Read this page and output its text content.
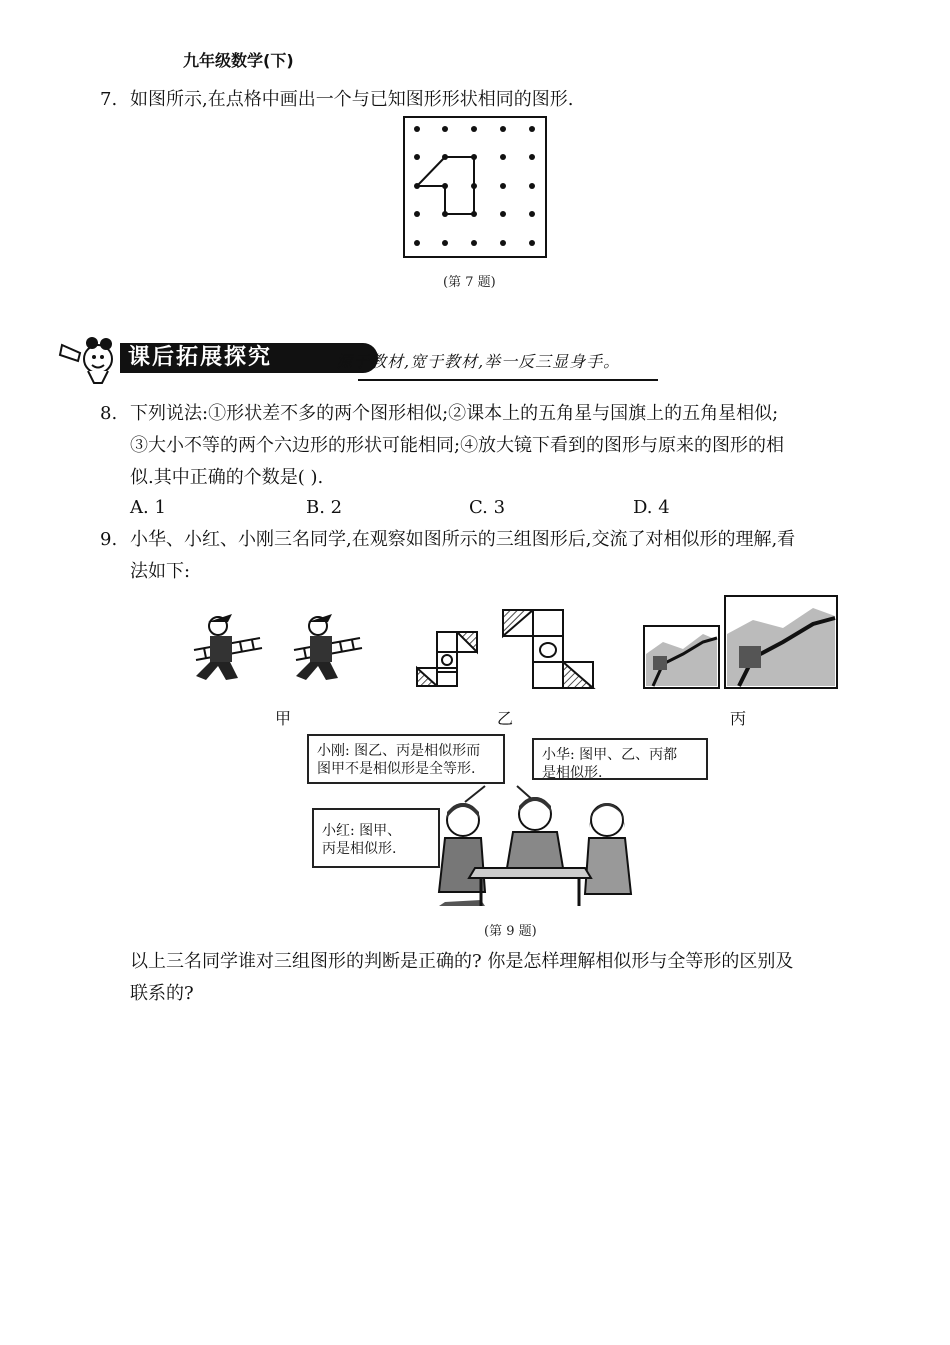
九年级数学(下)
7. 如图所示,在点格中画出一个与已知图形形状相同的图形.
(第 7 题)
课后拓展探究	源于教材,宽于教材,举一反三显身手。
8. 下列说法:①形状差不多的两个图形相似;②课本上的五角星与国旗上的五角星相似;
③大小不等的两个六边形的形状可能相同;④放大镜下看到的图形与原来的图形的相
似.其中正确的个数是( ).
A. 1	B. 2	C. 3	D. 4
9. 小华、小红、小刚三名同学,在观察如图所示的三组图形后,交流了对相似形的理解,看
法如下:
甲	乙	丙
小刚: 图乙、丙是相似形而
图甲不是相似形是全等形.
小华: 图甲、乙、丙都
是相似形.
小红: 图甲、
丙是相似形.
(第 9 题)
以上三名同学谁对三组图形的判断是正确的? 你是怎样理解相似形与全等形的区别及
联系的?
